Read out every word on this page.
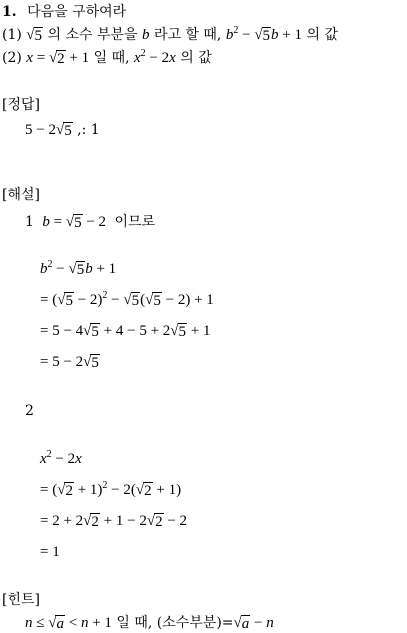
1. 다음을 구하여라
(1) √ 5 의 소수 부분을 b 라고 할 때, $b^2$ − √ 5 b + 1 의 값
(2) x = √ 2 + 1 일 때, $x^2 - 2x$ 의 값
[정답]
5 − 2 √ 5 ,: 1
[해설]
1 b = √ 5 − 2 이므로
$b^2$ − √ 5 b + 1
= ( √ 5 − 2)$^2$ − √ 5 ( √ 5 − 2) + 1
= 5 − 4 √ 5 + 4 − 5 + 2 √ 5 + 1
= 5 − 2 √ 5
2
$x^2 - 2x$
= ( √ 2 + 1)$^2$ − 2( √ 2 + 1)
= 2 + 2 √ 2 + 1 − 2 √ 2 − 2
= 1
[힌트]
n ≤ √ a < n + 1 일 때, (소수부분)= √ a − n
